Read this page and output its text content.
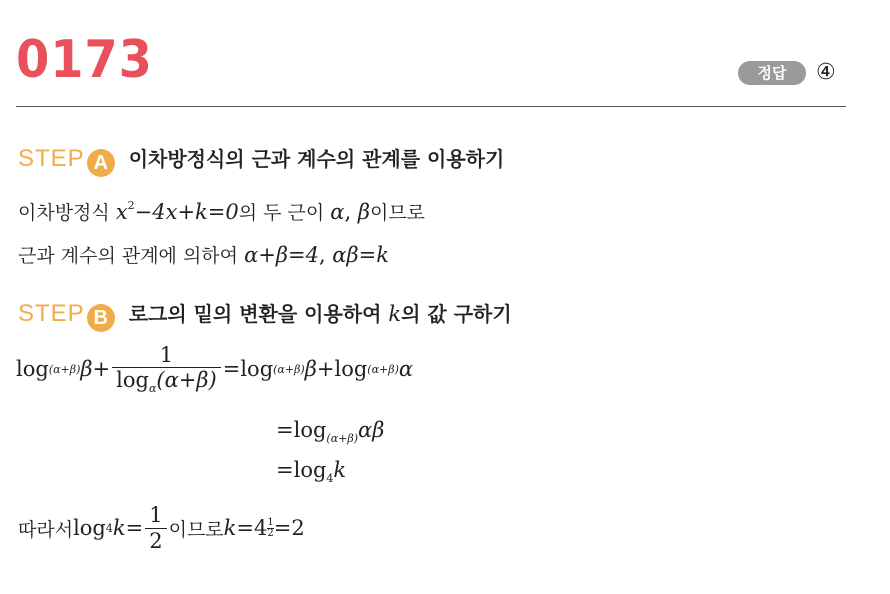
0173	정답	④
STEP A 이차방정식의 근과 계수의 관계를 이용하기
이차방정식 $x^2-4x+k=0$의 두 근이 α, β이므로
근과 계수의 관계에 의하여 α+β=4, αβ=k
STEP B 로그의 밑의 변환을 이용하여 k의 값 구하기
log (α+β) $\beta + \frac{1}{\log_\alpha(\alpha+\beta)} = \log (\alpha+\beta) \beta + \log (\alpha+\beta)$ α
$=\log_{(\alpha+\beta)}\alpha\beta$
$=\log_4k$
따라서 log 4 $k = \frac{1}{2}$ 이므로 $k = 4 \frac{1}{2} = 2$
